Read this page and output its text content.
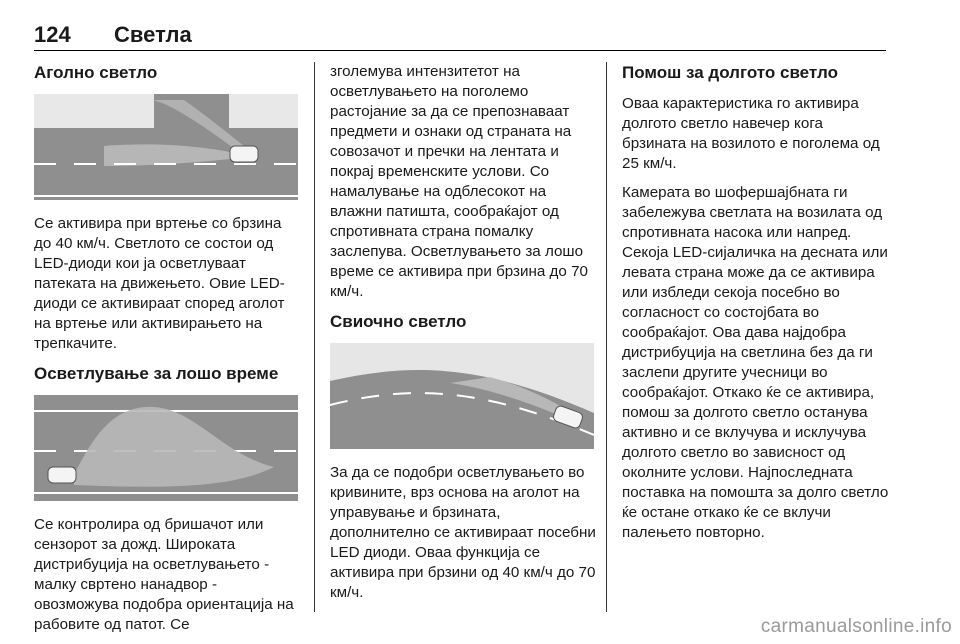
124 Светла
Аголно светло

Се активира при вртење со брзина до 40 км/ч. Светлото се состои од LED-диоди кои ја осветлуваат патеката на движењето. Овие LED-диоди се активираат според аголот на вртење или активирањето на трепкачите.

Осветлување за лошо време

Се контролира од бришачот или сензорот за дожд. Широката дистрибуција на осветлувањето - малку свртено нанадвор - овозможува подобра ориентација на рабовите од патот. Се

зголемува интензитетот на осветлувањето на поголемо растојание за да се препознаваат предмети и ознаки од страната на совозачот и пречки на лентата и покрај временските услови. Со намалување на одблесокот на влажни патишта, сообраќајот од спротивната страна помалку заслепува. Осветлувањето за лошо време се активира при брзина до 70 км/ч.

Свиочно светло

За да се подобри осветлувањето во кривините, врз основа на аголот на управување и брзината, дополнително се активираат посебни LED диоди. Оваа функција се активира при брзини од 40 км/ч до 70 км/ч.

Помош за долгото светло

Оваа карактеристика го активира долгото светло навечер кога брзината на возилото е поголема од 25 км/ч.

Камерата во шофершајбната ги забележува светлата на возилата од спротивната насока или напред. Секоја LED-сијаличка на десната или левата страна може да се активира или избледи секоја посебно во согласност со состојбата во сообраќајот. Ова дава најдобра дистрибуција на светлина без да ги заслепи другите учесници во сообраќајот. Откако ќе се активира, помош за долгото светло останува активно и се вклучува и исклучува долгото светло во зависност од околните услови. Најпоследната поставка на помошта за долго светло ќе остане откако ќе се вклучи палењето повторно.

carmanualsonline.info
